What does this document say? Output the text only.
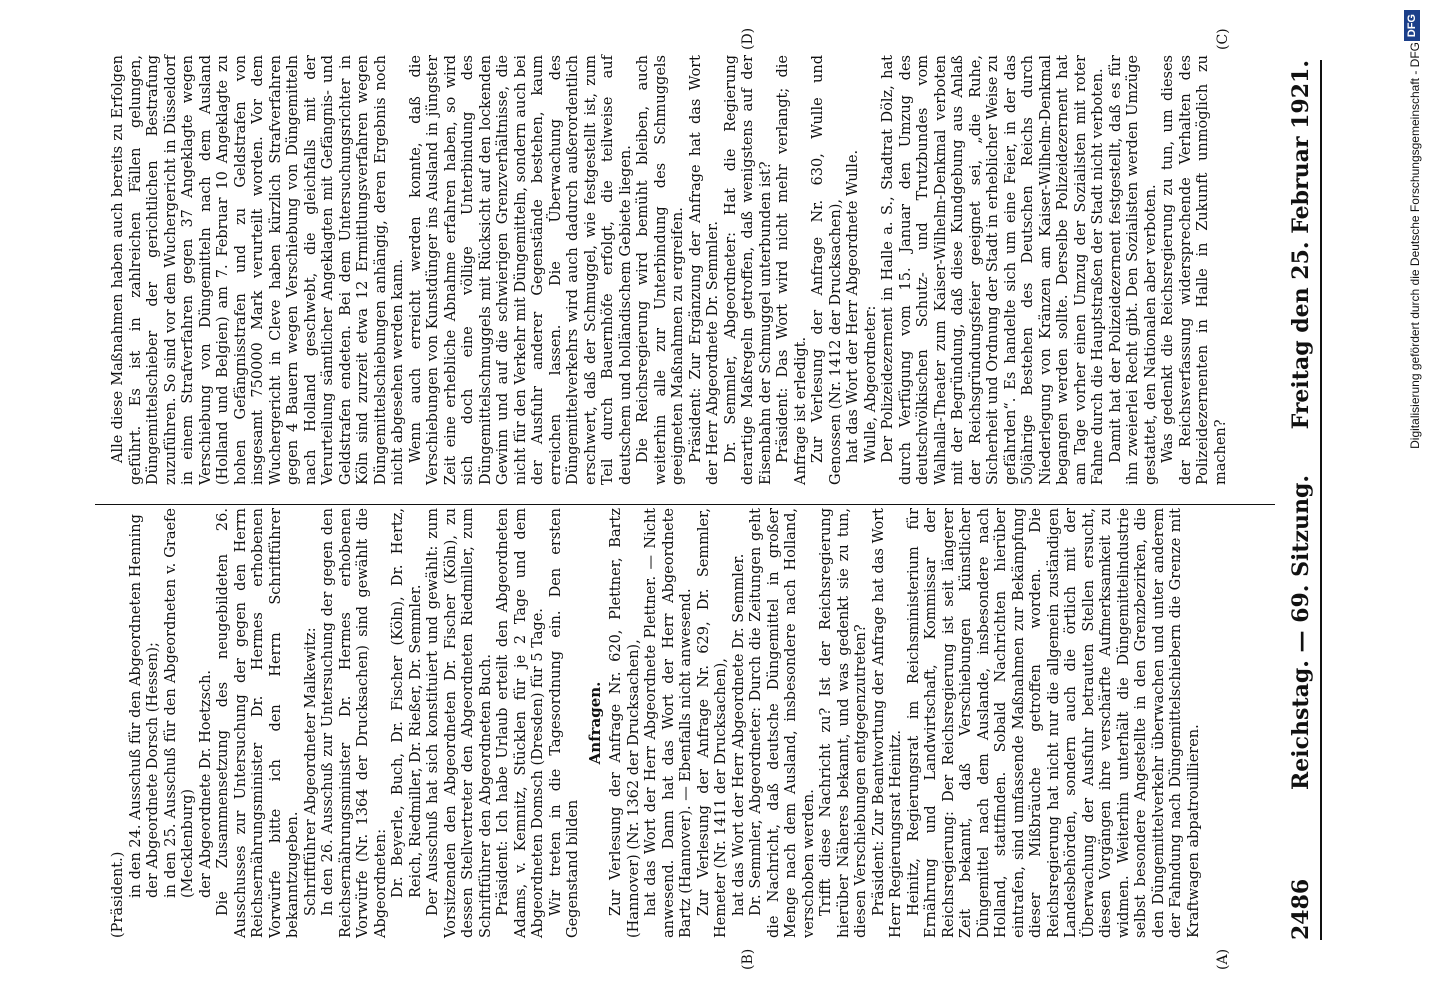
2486
Reichstag. — 69. Sitzung.
Freitag den 25. Februar 1921.
(A)
(B)
(C)
(D)

(Präsident.) in den 24. Ausschuß für den Abgeordneten Henning der Abgeordnete Dorsch (Hessen); in den 25. Ausschuß für den Abgeordneten v. Graefe (Mecklenburg) der Abgeordnete Dr. Hoetzsch. Die Zusammensetzung des neugebildeten 26. Ausschusses zur Untersuchung der gegen den Herrn Reichsernährungsminister Dr. Hermes erhobenen Vorwürfe bitte ich den Herrn Schriftführer bekanntzugeben. Schriftführer Abgeordneter Malkewitz: In den 26. Ausschuß zur Untersuchung der gegen den Reichsernährungsminister Dr. Hermes erhobenen Vorwürfe (Nr. 1364 der Drucksachen) sind gewählt die Abgeordneten: Dr. Beyerle, Buch, Dr. Fischer (Köln), Dr. Hertz, Reich, Riedmiller, Dr. Rießer, Dr. Semmler. Der Ausschuß hat sich konstituiert und gewählt: zum Vorsitzenden den Abgeordneten Dr. Fischer (Köln), zu dessen Stellvertreter den Abgeordneten Riedmiller, zum Schriftführer den Abgeordneten Buch. Präsident: Ich habe Urlaub erteilt den Abgeordneten Adams, v. Kemnitz, Stücklen für je 2 Tage und dem Abgeordneten Domsch (Dresden) für 5 Tage. Wir treten in die Tagesordnung ein. Den ersten Gegenstand bilden

Anfragen. Zur Verlesung der Anfrage Nr. 620, Plettner, Bartz (Hannover) (Nr. 1362 der Drucksachen), hat das Wort der Herr Abgeordnete Plettner. — Nicht anwesend. Dann hat das Wort der Herr Abgeordnete Bartz (Hannover). — Ebenfalls nicht anwesend. Zur Verlesung der Anfrage Nr. 629, Dr. Semmler, Hemeter (Nr. 1411 der Drucksachen), hat das Wort der Herr Abgeordnete Dr. Semmler. Dr. Semmler, Abgeordneter: Durch die Zeitungen geht die Nachricht, daß deutsche Düngemittel in großer Menge nach dem Ausland, insbesondere nach Holland, verschoben werden. Trifft diese Nachricht zu? Ist der Reichsregierung hierüber Näheres bekannt, und was gedenkt sie zu tun, diesen Verschiebungen entgegenzutreten? Präsident: Zur Beantwortung der Anfrage hat das Wort Herr Regierungsrat Heinitz. Heinitz, Regierungsrat im Reichsministerium für Ernährung und Landwirtschaft, Kommissar der Reichsregierung: Der Reichsregierung ist seit längerer Zeit bekannt, daß Verschiebungen künstlicher Düngemittel nach dem Auslande, insbesondere nach Holland, stattfinden. Sobald Nachrichten hierüber eintrafen, sind umfassende Maßnahmen zur Bekämpfung dieser Mißbräuche getroffen worden. Die Reichsregierung hat nicht nur die allgemein zuständigen Landesbehörden, sondern auch die örtlich mit der Überwachung der Ausfuhr betrauten Stellen ersucht, diesen Vorgängen ihre verschärfte Aufmerksamkeit zu widmen. Weiterhin unterhält die Düngemittelindustrie selbst besondere Angestellte in den Grenzbezirken, die den Düngemittelverkehr überwachen und unter anderem der Fahndung nach Düngemittelschiebern die Grenze mit Kraftwagen abpatrouillieren.

Alle diese Maßnahmen haben auch bereits zu Erfolgen geführt. Es ist in zahlreichen Fällen gelungen, Düngemittelschieber der gerichtlichen Bestrafung zuzuführen. So sind vor dem Wuchergericht in Düsseldorf in einem Strafverfahren gegen 37 Angeklagte wegen Verschiebung von Düngemitteln nach dem Ausland (Holland und Belgien) am 7. Februar 10 Angeklagte zu hohen Gefängnisstrafen und zu Geldstrafen von insgesamt 750000 Mark verurteilt worden. Vor dem Wuchergericht in Cleve haben kürzlich Strafverfahren gegen 4 Bauern wegen Verschiebung von Düngemitteln nach Holland geschwebt, die gleichfalls mit der Verurteilung sämtlicher Angeklagten mit Gefängnis- und Geldstrafen endeten. Bei dem Untersuchungsrichter in Köln sind zurzeit etwa 12 Ermittlungsverfahren wegen Düngemittelschiebungen anhängig, deren Ergebnis noch nicht abgesehen werden kann. Wenn auch erreicht werden konnte, daß die Verschiebungen von Kunstdünger ins Ausland in jüngster Zeit eine erhebliche Abnahme erfahren haben, so wird sich doch eine völlige Unterbindung des Düngemittelschmuggels mit Rücksicht auf den lockenden Gewinn und auf die schwierigen Grenzverhältnisse, die nicht für den Verkehr mit Düngemitteln, sondern auch bei der Ausfuhr anderer Gegenstände bestehen, kaum erreichen lassen. Die Überwachung des Düngemittelverkehrs wird auch dadurch außerordentlich erschwert, daß der Schmuggel, wie festgestellt ist, zum Teil durch Bauernhöfe erfolgt, die teilweise auf deutschem und holländischem Gebiete liegen. Die Reichsregierung wird bemüht bleiben, auch weiterhin alle zur Unterbindung des Schmuggels geeigneten Maßnahmen zu ergreifen. Präsident: Zur Ergänzung der Anfrage hat das Wort der Herr Abgeordnete Dr. Semmler. Dr. Semmler, Abgeordneter: Hat die Regierung derartige Maßregeln getroffen, daß wenigstens auf der Eisenbahn der Schmuggel unterbunden ist? Präsident: Das Wort wird nicht mehr verlangt; die Anfrage ist erledigt. Zur Verlesung der Anfrage Nr. 630, Wulle und Genossen (Nr. 1412 der Drucksachen), hat das Wort der Herr Abgeordnete Wulle. Wulle, Abgeordneter: Der Polizeidezernent in Halle a. S., Stadtrat Dölz, hat durch Verfügung vom 15. Januar den Umzug des deutschvölkischen Schutz- und Trutzbundes vom Walhalla-Theater zum Kaiser-Wilhelm-Denkmal verboten mit der Begründung, daß diese Kundgebung aus Anlaß der Reichsgründungsfeier geeignet sei, „die Ruhe, Sicherheit und Ordnung der Stadt in erheblicher Weise zu gefährden“. Es handelte sich um eine Feier, in der das 50jährige Bestehen des Deutschen Reichs durch Niederlegung von Kränzen am Kaiser-Wilhelm-Denkmal begangen werden sollte. Derselbe Polizeidezernent hat am Tage vorher einen Umzug der Sozialisten mit roter Fahne durch die Hauptstraßen der Stadt nicht verboten. Damit hat der Polizeidezernent festgestellt, daß es für ihn zweierlei Recht gibt. Den Sozialisten werden Umzüge gestattet, den Nationalen aber verboten. Was gedenkt die Reichsregierung zu tun, um dieses der Reichsverfassung widersprechende Verhalten des Polizeidezernenten in Halle in Zukunft unmöglich zu machen?

Digitalisierung gefördert durch die Deutsche Forschungsgemeinschaft - DFG
DFG
